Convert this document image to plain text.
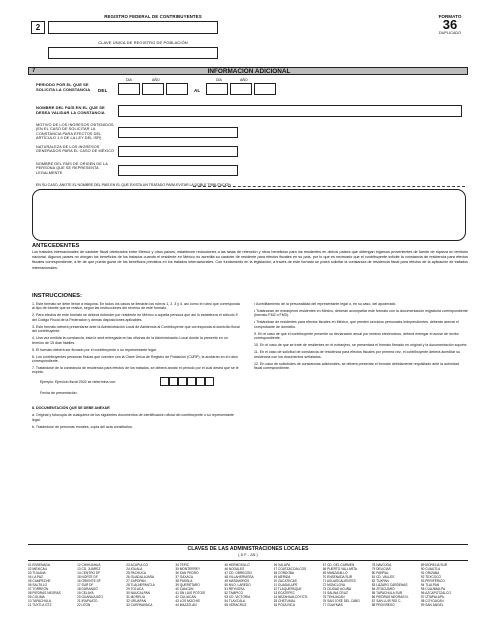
REGISTRO FEDERAL DE CONTRIBUYENTES
2
CLAVE ÚNICA DE REGISTRO DE POBLACIÓN
FORMATO
36
DUPLICADO
7	INFORMACIÓN ADICIONAL
DÍA	AÑO	DÍA	AÑO
PERIODO POR EL QUE SE SOLICITA LA CONSTANCIA DEL	AL
NOMBRE DEL PAÍS EN EL QUE SE DESEA VALIDAR LA CONSTANCIA
MOTIVO DE LOS INGRESOS OBTENIDOS (EN EL CASO DE SOLICITAR LA CONSTANCIA PARA EFECTOS DEL ARTÍCULO 1.9 DE LA LEY DEL ISR)
NATURALEZA DE LOS INGRESOS GENERADOS PARA EL CASO DE MÉXICO
NOMBRE DEL PAÍS DE ORIGEN DE LA PERSONA QUE SE REPRESENTA LEGALMENTE
EN SU CASO, ANOTE EL NOMBRE DEL PAÍS EN EL QUE EXISTA UN TRATADO PARA EVITAR LA DOBLE TRIBUTACIÓN
ANTECEDENTES
Los tratados internacionales de carácter fiscal celebrados entre México y otros países, establecen reducciones a las tasas de retención y otros beneficios para los residentes en dichos países que obtengan ingresos provenientes de fuente de riqueza en territorio nacional. Algunos países no otorgan los beneficios de los tratados cuando el residente en México no acredita su carácter de residente para efectos fiscales en su país, por lo que es necesario que el contribuyente solicite la constancia de residencia para efectos fiscales correspondiente, a fin de que pueda gozar de los beneficios previstos en los tratados internacionales. Con fundamento en la legislación, a través de este formato se podrá solicitar la constancia de residencia fiscal para efectos de la aplicación de tratados internacionales.
INSTRUCCIONES:

1. Este formato se debe llenar a máquina. En todos los casos se llenarán los rubros 1, 2, 3 y 4, así como el rubro que corresponda al tipo de trámite que se realice, según las instrucciones del reverso de este formato.

2. Para efectos de este formato se deberá entender por residente en México a aquella persona que así lo establezca el artículo 9 del Código Fiscal de la Federación y demás disposiciones aplicables.

3. Este formato deberá presentarse ante la Administración Local de Asistencia al Contribuyente que corresponda al domicilio fiscal del contribuyente.

4. Una vez emitida la constancia, ésta le será entregada en las oficinas de la Administración Local donde la presentó en un término de 15 días hábiles.

5. El formato deberá ser firmado por el contribuyente o su representante legal.

6. Los contribuyentes personas físicas que cuenten con la Clave Única de Registro de Población (CURP), la anotarán en el rubro correspondiente.

7. Tratándose de la constancia de residencia para efectos de los tratados, se deberá anotar el periodo por el cual desea que se le expida.

Ejemplo: Ejercicio fiscal 2002 se determina con:
Fecha de presentación:

8. DOCUMENTACIÓN QUE SE DEBE ANEXAR

a. Original y fotocopia de cualquiera de los siguientes documentos de identificación oficial del contribuyente o su representante legal.

b. Tratándose de personas morales, copia del acta constitutiva.

• Acreditamiento de la personalidad del representante legal o, en su caso, del apoderado.

• Tratándose de extranjeros residentes en México, deberán acompañar este formato con la documentación migratoria correspondiente (formato FM2 o FM3).

• Tratándose de residentes para efectos fiscales en México, que presten servicios personales independientes, deberán anexar el comprobante de domicilio.

9. En el caso de que el contribuyente presente su declaración anual por medios electrónicos, deberá entregar el acuse de recibo correspondiente.

10. En el caso de que se trate de residentes en el extranjero, se presentará el formato firmado en original y la documentación soporte.

11. En el caso de solicitud de constancia de residencia para efectos fiscales por primera vez, el contribuyente deberá acreditar su residencia con los documentos señalados.

12. En caso de solicitudes de constancias adicionales, se deberá presentar el formato debidamente requisitado ante la autoridad fiscal correspondiente.

CLAVES DE LAS ADMINISTRACIONES LOCALES
( D F - 2/6 )
01 ENSENADA
02 MEXICALI
03 TIJUANA
04 LA PAZ
05 CAMPECHE
06 SALTILLO
07 TORREÓN
08 PIEDRAS NEGRAS
09 COLIMA
10 TAPACHULA
11 TUXTLA GTZ.
12 CHIHUAHUA
13 CD. JUÁREZ
14 CENTRO DF
15 NORTE DF
16 ORIENTE DF
17 SUR DF
18 DURANGO
19 CELAYA
20 GUANAJUATO
21 IRAPUATO
22 LEÓN
23 ACAPULCO
24 IGUALA
25 PACHUCA
26 GUADALAJARA
27 ZAPOPAN
28 TLALNEPANTLA
29 TOLUCA
30 NAUCALPAN
31 MORELIA
32 URUAPAN
33 CUERNAVACA
34 TEPIC
35 MONTERREY
36 SAN PEDRO
37 OAXACA
38 PUEBLA
39 QUERÉTARO
40 CANCÚN
41 SN LUIS POTOSÍ
42 CULIACÁN
43 LOS MOCHIS
44 MAZATLÁN
45 HERMOSILLO
46 NOGALES
47 CD. OBREGÓN
48 VILLAHERMOSA
49 MATAMOROS
50 NVO. LAREDO
51 REYNOSA
52 TAMPICO
53 CD. VICTORIA
54 TLAXCALA
55 VERACRUZ
56 XALAPA
57 COATZACOALCOS
58 CÓRDOBA
59 MÉRIDA
60 ZACATECAS
61 GUADALUPE
62 TLAQUEPAQUE
63 ECATEPEC
64 NEZAHUALCÓYOTL
65 CHETUMAL
66 POZA RICA
67 CD. DEL CARMEN
68 PUERTO VALLARTA
69 MANZANILLO
70 ENSENADA SUR
71 AGUASCALIENTES
72 MONCLOVA
73 CIUDAD ACUÑA
74 SALINA CRUZ
75 TEHUACÁN
76 SAN JOSÉ DEL CABO
77 GUAYMAS
78 NAVOJOA
79 DELICIAS
80 PARRAL
81 CD. VALLES
82 TUXPAN
83 LÁZARO CÁRDENAS
84 ZITÁCUARO
85 TAPACHULA SUR
86 PIEDRAS NEGRAS N.
87 SAN LUIS RÍO C.
88 PROGRESO
89 MORELIA SUR
90 CUAUTLA
91 ORIZABA
92 TEXCOCO
93 PERIFÉRICO
94 TLALPAN
95 CUAJIMALPA
96 AZCAPOTZALCO
97 IZTAPALAPA
98 COYOACÁN
99 SAN ÁNGEL
